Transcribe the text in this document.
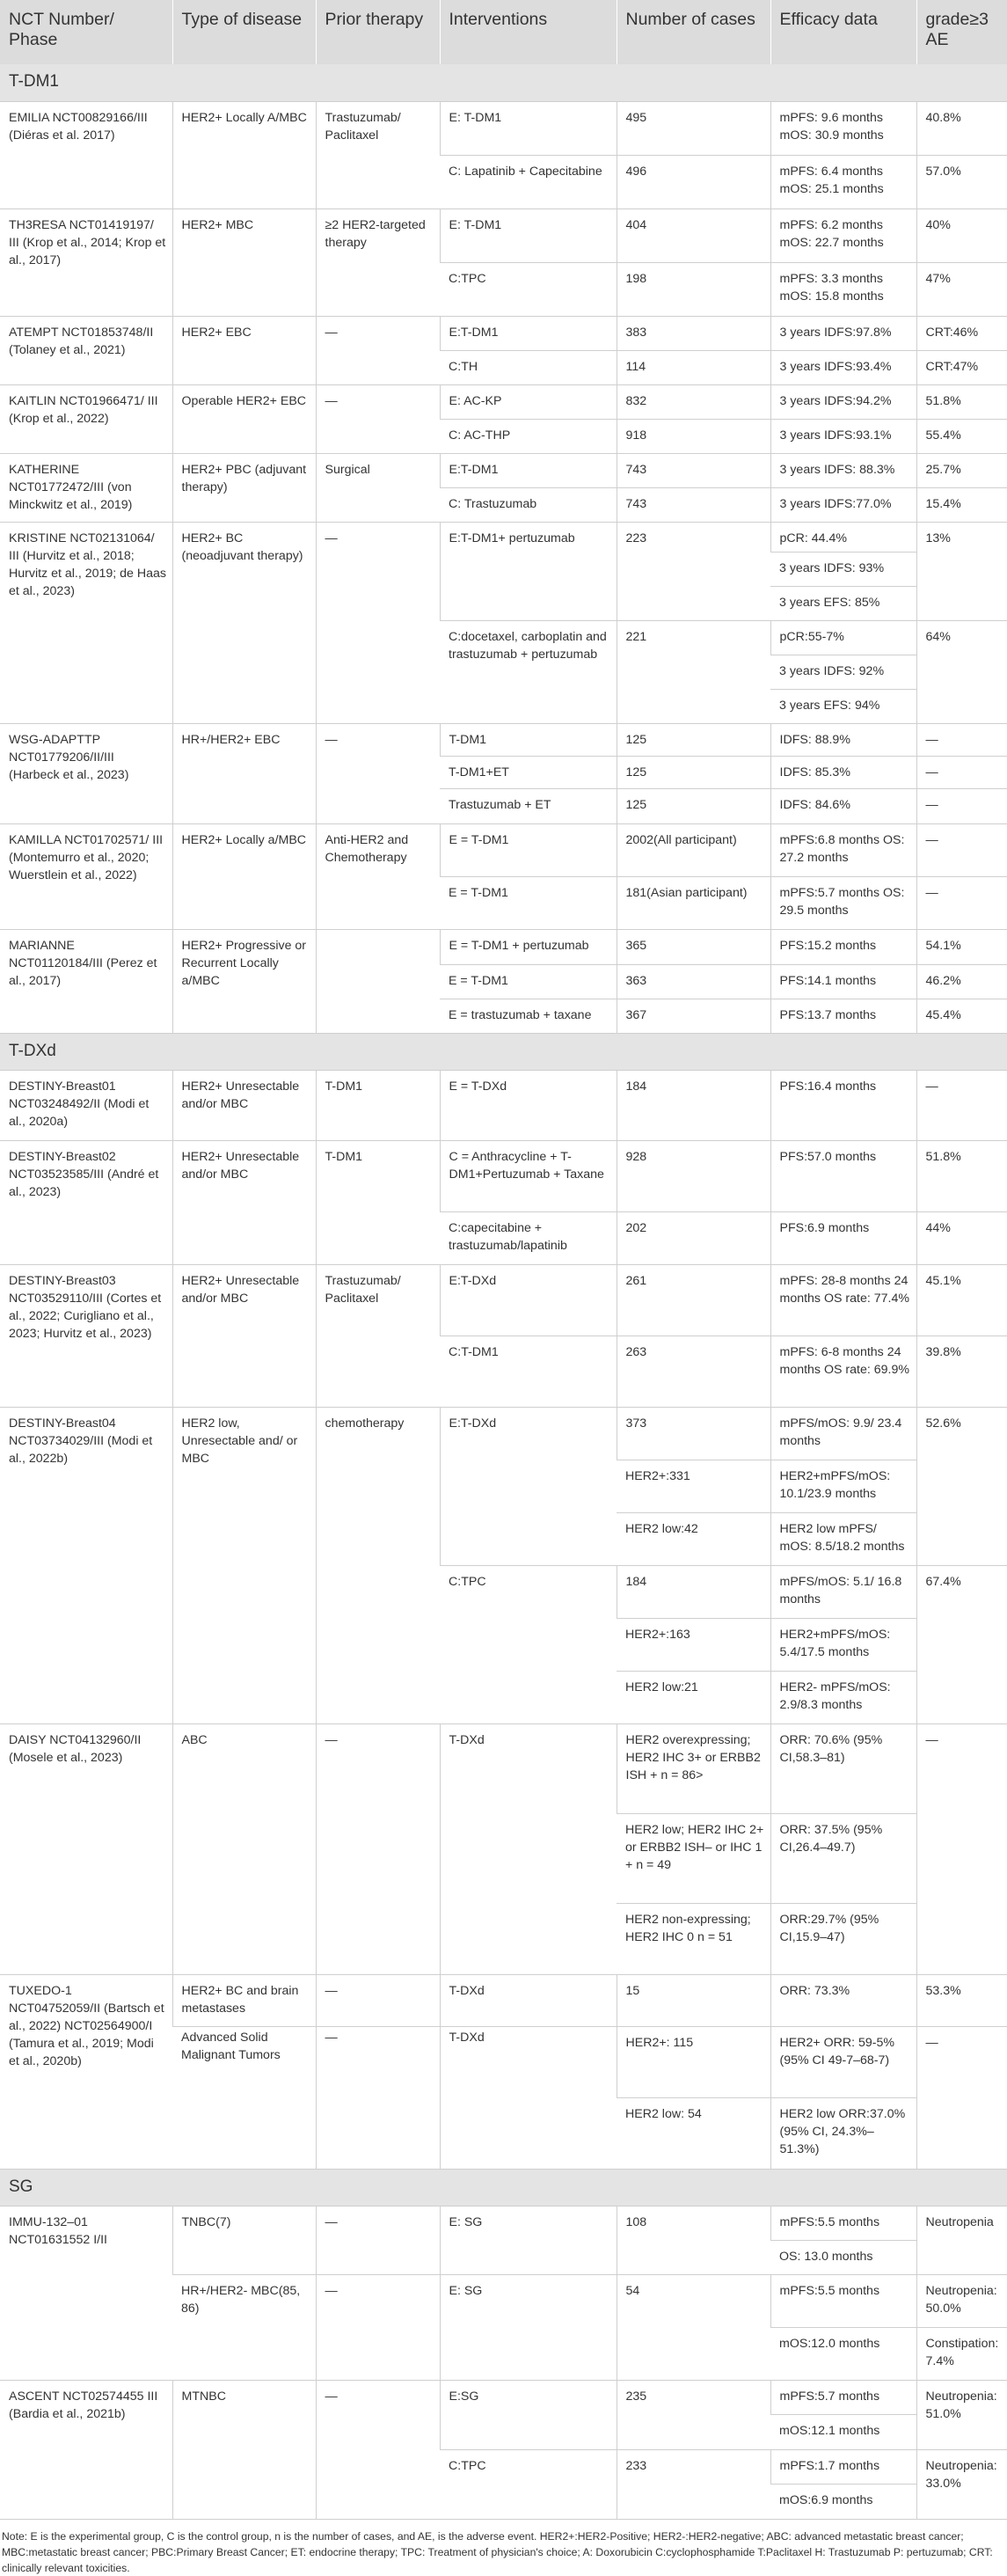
NCT Number/ Phase	Type of disease	Prior therapy	Interventions	Number of cases	Efficacy data	grade≥3 AE
T-DM1						
EMILIA NCT00829166/III (Diéras et al. 2017)	HER2+ Locally A/MBC	Trastuzumab/ Paclitaxel	E: T-DM1	495	mPFS: 9.6 months mOS: 30.9 months	40.8%
			C: Lapatinib + Capecitabine	496	mPFS: 6.4 months mOS: 25.1 months	57.0%
TH3RESA NCT01419197/ III (Krop et al., 2014; Krop et al., 2017)	HER2+ MBC	≥2 HER2-targeted therapy	E: T-DM1	404	mPFS: 6.2 months mOS: 22.7 months	40%
			C:TPC	198	mPFS: 3.3 months mOS: 15.8 months	47%
ATEMPT NCT01853748/II (Tolaney et al., 2021)	HER2+ EBC	—	E:T-DM1	383	3 years IDFS:97.8%	CRT:46%
			C:TH	114	3 years IDFS:93.4%	CRT:47%
KAITLIN NCT01966471/ III (Krop et al., 2022)	Operable HER2+ EBC	—	E: AC-KP	832	3 years IDFS:94.2%	51.8%
			C: AC-THP	918	3 years IDFS:93.1%	55.4%
KATHERINE NCT01772472/III (von Minckwitz et al., 2019)	HER2+ PBC (adjuvant therapy)	Surgical	E:T-DM1	743	3 years IDFS: 88.3%	25.7%
			C: Trastuzumab	743	3 years IDFS:77.0%	15.4%
KRISTINE NCT02131064/ III (Hurvitz et al., 2018; Hurvitz et al., 2019; de Haas et al., 2023)	HER2+ BC (neoadjuvant therapy)	—	E:T-DM1+ pertuzumab	223	pCR: 44.4%	13%
					3 years IDFS: 93%	
					3 years EFS: 85%	
			C:docetaxel, carboplatin and trastuzumab + pertuzumab	221	pCR:55-7%	64%
					3 years IDFS: 92%	
					3 years EFS: 94%	
WSG-ADAPTTP NCT01779206/II/III (Harbeck et al., 2023)	HR+/HER2+ EBC	—	T-DM1	125	IDFS: 88.9%	—
			T-DM1+ET	125	IDFS: 85.3%	—
			Trastuzumab + ET	125	IDFS: 84.6%	—
KAMILLA NCT01702571/ III (Montemurro et al., 2020; Wuerstlein et al., 2022)	HER2+ Locally a/MBC	Anti-HER2 and Chemotherapy	E = T-DM1	2002(All participant)	mPFS:6.8 months OS: 27.2 months	—
			E = T-DM1	181(Asian participant)	mPFS:5.7 months OS: 29.5 months	—
MARIANNE NCT01120184/III (Perez et al., 2017)	HER2+ Progressive or Recurrent Locally a/MBC		E = T-DM1 + pertuzumab	365	PFS:15.2 months	54.1%
			E = T-DM1	363	PFS:14.1 months	46.2%
			E = trastuzumab + taxane	367	PFS:13.7 months	45.4%
T-DXd						
DESTINY-Breast01 NCT03248492/II (Modi et al., 2020a)	HER2+ Unresectable and/or MBC	T-DM1	E = T-DXd	184	PFS:16.4 months	—
DESTINY-Breast02 NCT03523585/III (André et al., 2023)	HER2+ Unresectable and/or MBC	T-DM1	C = Anthracycline + T-DM1+Pertuzumab + Taxane	928	PFS:57.0 months	51.8%
			C:capecitabine + trastuzumab/lapatinib	202	PFS:6.9 months	44%
DESTINY-Breast03 NCT03529110/III (Cortes et al., 2022; Curigliano et al., 2023; Hurvitz et al., 2023)	HER2+ Unresectable and/or MBC	Trastuzumab/ Paclitaxel	E:T-DXd	261	mPFS: 28-8 months 24 months OS rate: 77.4%	45.1%
			C:T-DM1	263	mPFS: 6-8 months 24 months OS rate: 69.9%	39.8%
DESTINY-Breast04 NCT03734029/III (Modi et al., 2022b)	HER2 low, Unresectable and/ or MBC	chemotherapy	E:T-DXd	373	mPFS/mOS: 9.9/ 23.4 months	52.6%
				HER2+:331	HER2+mPFS/mOS: 10.1/23.9 months	
				HER2 low:42	HER2 low mPFS/ mOS: 8.5/18.2 months	
			C:TPC	184	mPFS/mOS: 5.1/ 16.8 months	67.4%
				HER2+:163	HER2+mPFS/mOS: 5.4/17.5 months	
				HER2 low:21	HER2- mPFS/mOS: 2.9/8.3 months	
DAISY NCT04132960/II (Mosele et al., 2023)	ABC	—	T-DXd	HER2 overexpressing; HER2 IHC 3+ or ERBB2 ISH + n = 86>	ORR: 70.6% (95% CI,58.3–81)	—
				HER2 low; HER2 IHC 2+ or ERBB2 ISH– or IHC 1 + n = 49	ORR: 37.5% (95% CI,26.4–49.7)	
				HER2 non-expressing; HER2 IHC 0 n = 51	ORR:29.7% (95% CI,15.9–47)	
TUXEDO-1 NCT04752059/II (Bartsch et al., 2022) NCT02564900/I (Tamura et al., 2019; Modi et al., 2020b)	HER2+ BC and brain metastases	—	T-DXd	15	ORR: 73.3%	53.3%
	Advanced Solid Malignant Tumors	—	T-DXd	HER2+: 115	HER2+ ORR: 59-5% (95% CI 49-7–68-7)	—
				HER2 low: 54	HER2 low ORR:37.0% (95% CI, 24.3%–51.3%)	
SG						
IMMU-132–01 NCT01631552 I/II	TNBC(7)	—	E: SG	108	mPFS:5.5 months	Neutropenia
					OS: 13.0 months	
	HR+/HER2- MBC(85, 86)	—	E: SG	54	mPFS:5.5 months	Neutropenia: 50.0%
					mOS:12.0 months	Constipation: 7.4%
ASCENT NCT02574455 III (Bardia et al., 2021b)	MTNBC	—	E:SG	235	mPFS:5.7 months	Neutropenia: 51.0%
					mOS:12.1 months	
			C:TPC	233	mPFS:1.7 months	Neutropenia: 33.0%
					mOS:6.9 months	
Note: E is the experimental group, C is the control group, n is the number of cases, and AE, is the adverse event. HER2+:HER2-Positive; HER2-:HER2-negative; ABC: advanced metastatic breast cancer; MBC:metastatic breast cancer; PBC:Primary Breast Cancer; ET: endocrine therapy; TPC: Treatment of physician's choice; A: Doxorubicin C:cyclophosphamide T:Paclitaxel H: Trastuzumab P: pertuzumab; CRT: clinically relevant toxicities.
